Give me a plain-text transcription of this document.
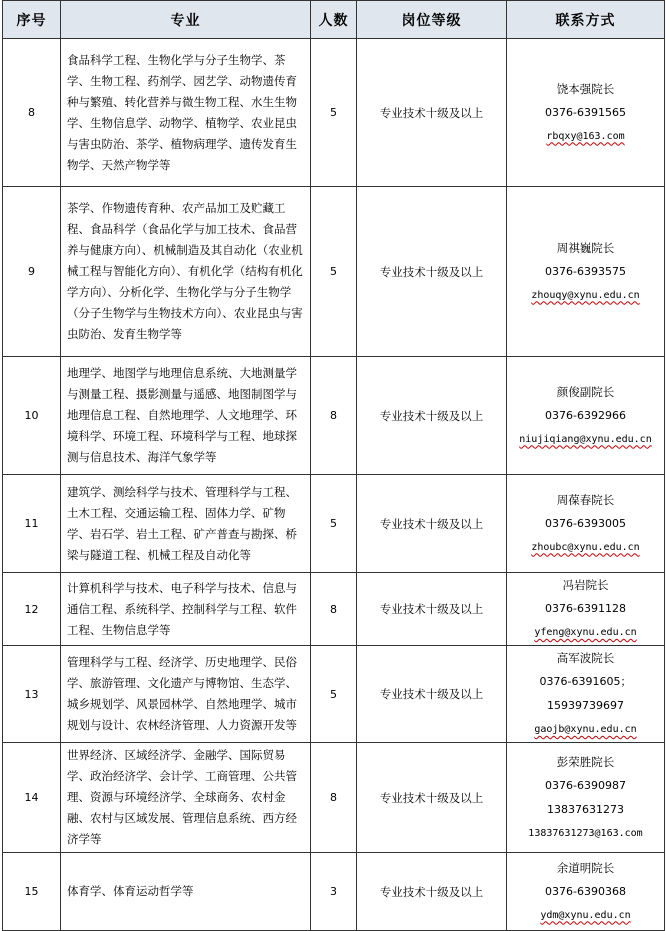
序号	专业	人数	岗位等级	联系方式
8	食品科学工程、生物化学与分子生物学、茶学、生物工程、药剂学、园艺学、动物遗传育种与繁殖、转化营养与微生物工程、水生生物学、生物信息学、动物学、植物学、农业昆虫与害虫防治、茶学、植物病理学、遗传发育生物学、天然产物学等	5	专业技术十级及以上	饶本强院长
0376-6391565
rbqxy@163.com

9	茶学、作物遗传育种、农产品加工及贮藏工程、食品科学（食品化学与加工技术、食品营养与健康方向）、机械制造及其自动化（农业机械工程与智能化方向）、有机化学（结构有机化学方向）、分析化学、生物化学与分子生物学（分子生物学与生物技术方向）、农业昆虫与害虫防治、发育生物学等	5	专业技术十级及以上	周祺巍院长
0376-6393575
zhouqy@xynu.edu.cn

10	地理学、地图学与地理信息系统、大地测量学与测量工程、摄影测量与遥感、地图制图学与地理信息工程、自然地理学、人文地理学、环境科学、环境工程、环境科学与工程、地球探测与信息技术、海洋气象学等	8	专业技术十级及以上	颜俊副院长
0376-6392966
niujiqiang@xynu.edu.cn

11	建筑学、测绘科学与技术、管理科学与工程、土木工程、交通运输工程、固体力学、矿物学、岩石学、岩土工程、矿产普查与勘探、桥梁与隧道工程、机械工程及自动化等	5	专业技术十级及以上	周葆春院长
0376-6393005
zhoubc@xynu.edu.cn

12	计算机科学与技术、电子科学与技术、信息与通信工程、系统科学、控制科学与工程、软件工程、生物信息学等	8	专业技术十级及以上	冯岩院长
0376-6391128
yfeng@xynu.edu.cn

13	管理科学与工程、经济学、历史地理学、民俗学、旅游管理、文化遗产与博物馆、生态学、城乡规划学、风景园林学、自然地理学、城市规划与设计、农林经济管理、人力资源开发等	5	专业技术十级及以上	高军波院长
0376-6391605；
15939739697
gaojb@xynu.edu.cn

14	世界经济、区域经济学、金融学、国际贸易学、政治经济学、会计学、工商管理、公共管理、资源与环境经济学、全球商务、农村金融、农村与区域发展、管理信息系统、西方经济学等	8	专业技术十级及以上	彭荣胜院长
0376-6390987
13837631273
13837631273@163.com

15	体育学、体育运动哲学等	3	专业技术十级及以上	余道明院长
0376-6390368
ydm@xynu.edu.cn
